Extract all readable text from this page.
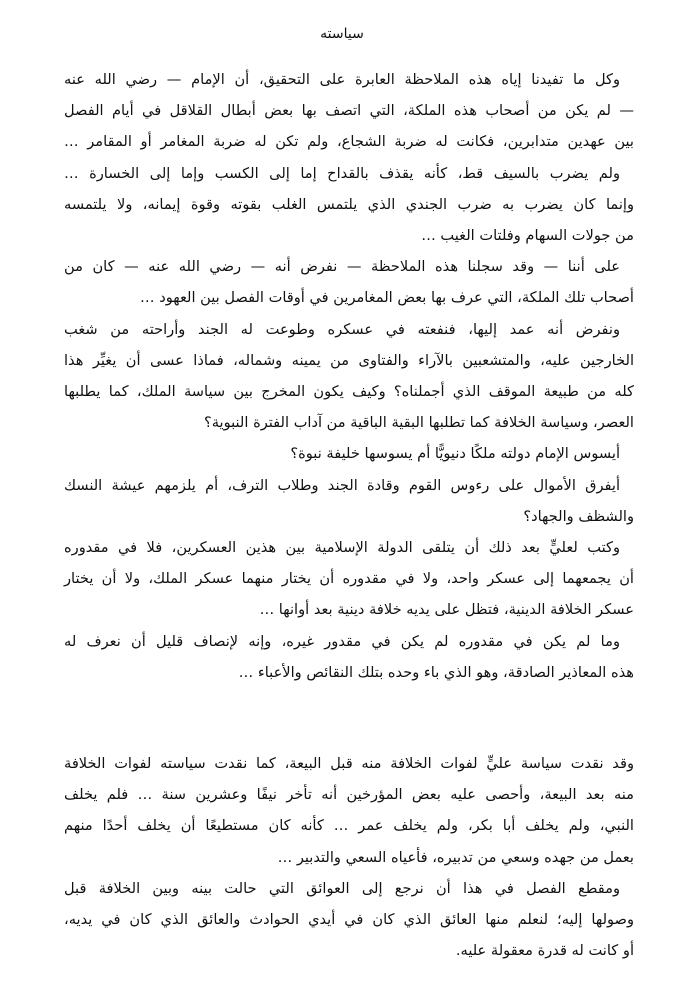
سياسته

وكل ما تفيدنا إياه هذه الملاحظة العابرة على التحقيق، أن الإمام — رضي الله عنه
— لم يكن من أصحاب هذه الملكة، التي اتصف بها بعض أبطال القلاقل في أيام الفصل
بين عهدين متدابرين، فكانت له ضربة الشجاع، ولم تكن له ضربة المغامر أو المقامر …
ولم يضرب بالسيف قط، كأنه يقذف بالقداح إما إلى الكسب وإما إلى الخسارة …
وإنما كان يضرب به ضرب الجندي الذي يلتمس الغلب بقوته وقوة إيمانه، ولا يلتمسه
من جولات السهام وفلتات الغيب …

على أننا — وقد سجلنا هذه الملاحظة — نفرض أنه — رضي الله عنه — كان من
أصحاب تلك الملكة، التي عرف بها بعض المغامرين في أوقات الفصل بين العهود …

ونفرض أنه عمد إليها، فنفعته في عسكره وطوعت له الجند وأراحته من شغب
الخارجين عليه، والمتشعبين بالآراء والفتاوى من يمينه وشماله، فماذا عسى أن يغيِّر هذا
كله من طبيعة الموقف الذي أجملناه؟ وكيف يكون المخرج بين سياسة الملك، كما يطلبها
العصر، وسياسة الخلافة كما تطلبها البقية الباقية من آداب الفترة النبوية؟

أيسوس الإمام دولته ملكًا دنيويًّا أم يسوسها خليفة نبوة؟

أيفرق الأموال على رءوس القوم وقادة الجند وطلاب الترف، أم يلزمهم عيشة النسك
والشظف والجهاد؟

وكتب لعليٍّ بعد ذلك أن يتلقى الدولة الإسلامية بين هذين العسكرين، فلا في مقدوره
أن يجمعهما إلى عسكر واحد، ولا في مقدوره أن يختار منهما عسكر الملك، ولا أن يختار
عسكر الخلافة الدينية، فتظل على يديه خلافة دينية بعد أوانها …

وما لم يكن في مقدوره لم يكن في مقدور غيره، وإنه لإنصاف قليل أن نعرف له
هذه المعاذير الصادقة، وهو الذي باء وحده بتلك النقائص والأعباء …

وقد نقدت سياسة عليٍّ لفوات الخلافة منه قبل البيعة، كما نقدت سياسته لفوات الخلافة
منه بعد البيعة، وأحصى عليه بعض المؤرخين أنه تأخر نيفًا وعشرين سنة … فلم يخلف
النبي، ولم يخلف أبا بكر، ولم يخلف عمر … كأنه كان مستطيعًا أن يخلف أحدًا منهم
بعمل من جهده وسعي من تدبيره، فأعياه السعي والتدبير …

ومقطع الفصل في هذا أن نرجع إلى العوائق التي حالت بينه وبين الخلافة قبل
وصولها إليه؛ لنعلم منها العائق الذي كان في أيدي الحوادث والعائق الذي كان في يديه،
أو كانت له قدرة معقولة عليه.
